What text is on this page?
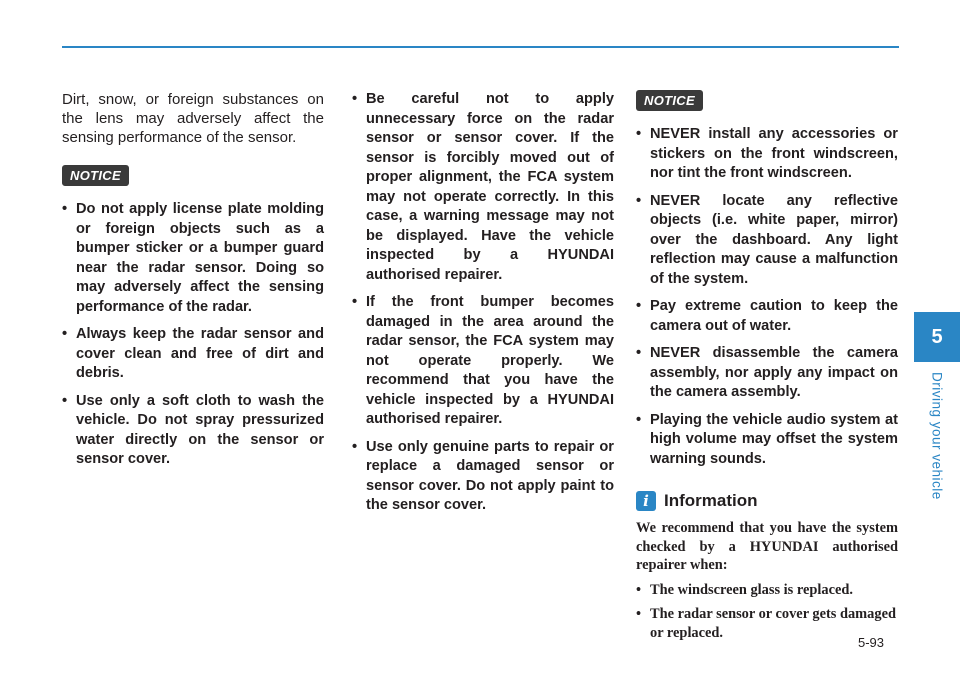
Dirt, snow, or foreign substances on the lens may adversely affect the sensing performance of the sensor.

NOTICE
• Do not apply license plate molding or foreign objects such as a bumper sticker or a bumper guard near the radar sensor. Doing so may adversely affect the sensing performance of the radar.
• Always keep the radar sensor and cover clean and free of dirt and debris.
• Use only a soft cloth to wash the vehicle. Do not spray pressurized water directly on the sensor or sensor cover.
• Be careful not to apply unnecessary force on the radar sensor or sensor cover. If the sensor is forcibly moved out of proper alignment, the FCA system may not operate correctly. In this case, a warning message may not be displayed. Have the vehicle inspected by a HYUNDAI authorised repairer.
• If the front bumper becomes damaged in the area around the radar sensor, the FCA system may not operate properly. We recommend that you have the vehicle inspected by a HYUNDAI authorised repairer.
• Use only genuine parts to repair or replace a damaged sensor or sensor cover. Do not apply paint to the sensor cover.
NOTICE
• NEVER install any accessories or stickers on the front windscreen, nor tint the front windscreen.
• NEVER locate any reflective objects (i.e. white paper, mirror) over the dashboard. Any light reflection may cause a malfunction of the system.
• Pay extreme caution to keep the camera out of water.
• NEVER disassemble the camera assembly, nor apply any impact on the camera assembly.
• Playing the vehicle audio system at high volume may offset the system warning sounds.
i Information

We recommend that you have the system checked by a HYUNDAI authorised repairer when:

• The windscreen glass is replaced.
• The radar sensor or cover gets damaged or replaced.
5
Driving your vehicle
5-93
